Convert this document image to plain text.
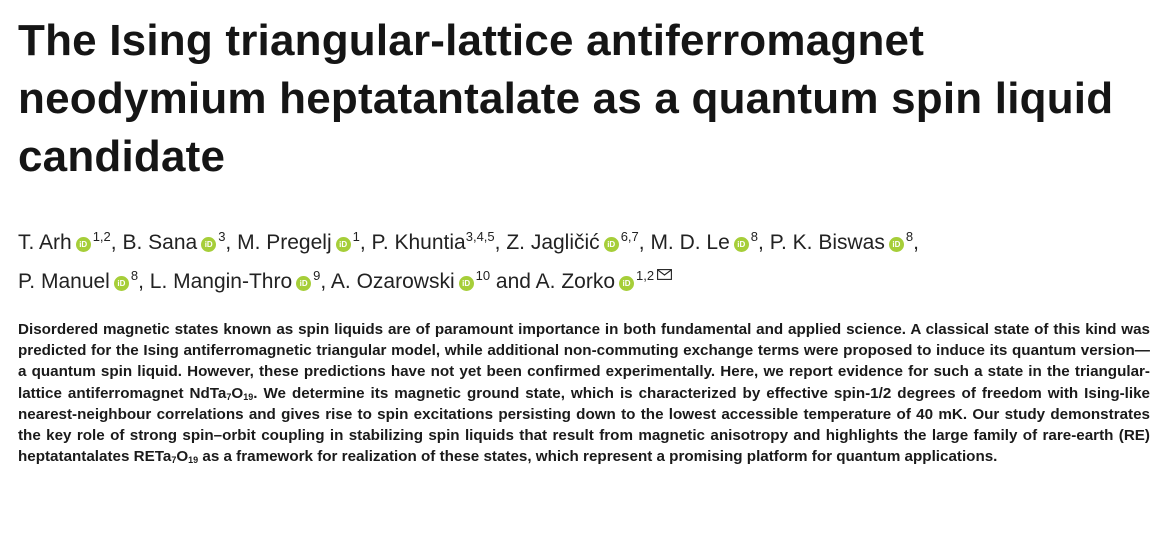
The Ising triangular-lattice antiferromagnet neodymium heptatantalate as a quantum spin liquid candidate

T. ArhiD $^{1,2}$, B. SanaiD $^3$, M. PregeljiD $^1$, P. Khuntia$^{3,4,5}$, Z. JagličićiD $^{6,7}$, M. D. LeiD $^8$, P. K. BiswasiD $^8$,
P. ManueliD $^8$, L. Mangin-ThroiD $^9$, A. OzarowskiiD $^{10}$ and A. ZorkoiD $^{1,2}$

Disordered magnetic states known as spin liquids are of paramount importance in both fundamental and applied science. A classical state of this kind was predicted for the Ising antiferromagnetic triangular model, while additional non-commuting exchange terms were proposed to induce its quantum version—a quantum spin liquid. However, these predictions have not yet been confirmed experimentally. Here, we report evidence for such a state in the triangular-lattice antiferromagnet $NdTa_7O_{19}$. We determine its magnetic ground state, which is characterized by effective spin-1/2 degrees of freedom with Ising-like nearest-neighbour correlations and gives rise to spin excitations persisting down to the lowest accessible temperature of 40 mK. Our study demonstrates the key role of strong spin–orbit coupling in stabilizing spin liquids that result from magnetic anisotropy and highlights the large family of rare-earth (RE) heptatantalates $RETa_7O_{19}$ as a framework for realization of these states, which represent a promising platform for quantum applications.
